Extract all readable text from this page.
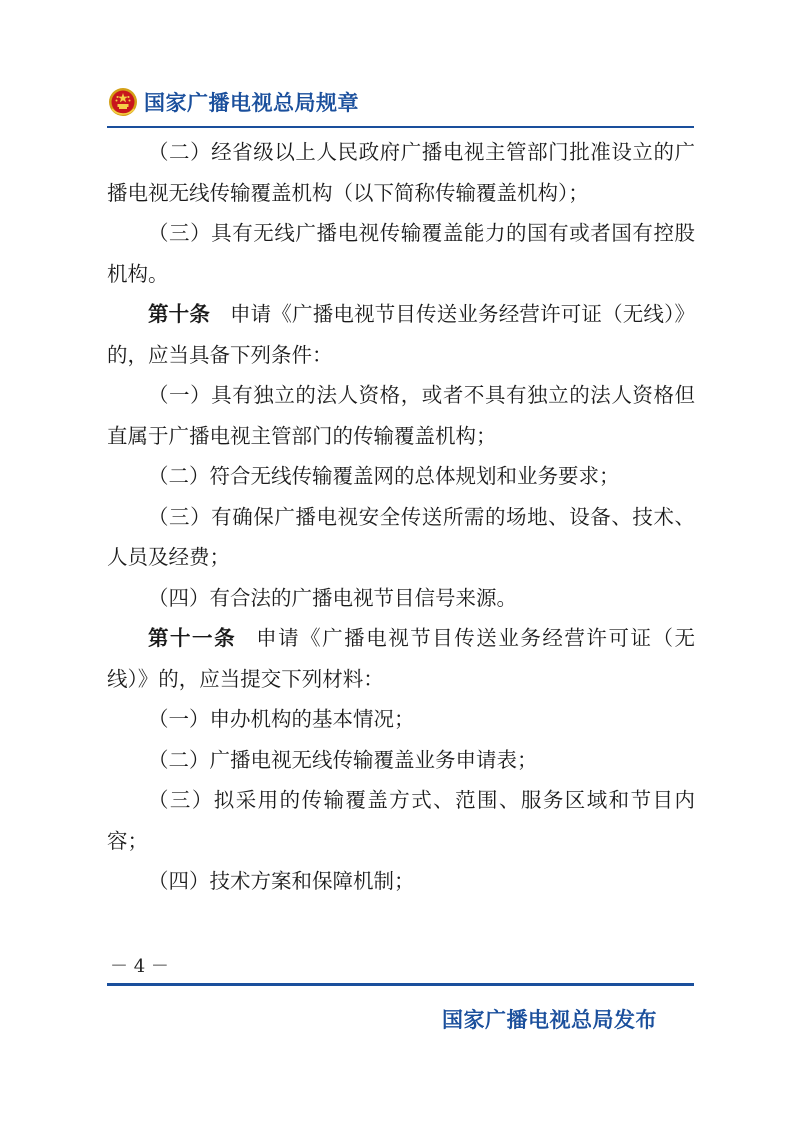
国家广播电视总局规章

（二）经省级以上人民政府广播电视主管部门批准设立的广播电视无线传输覆盖机构（以下简称传输覆盖机构）；

（三）具有无线广播电视传输覆盖能力的国有或者国有控股机构。

第十条 申请《广播电视节目传送业务经营许可证（无线）》的，应当具备下列条件：

（一）具有独立的法人资格，或者不具有独立的法人资格但直属于广播电视主管部门的传输覆盖机构；

（二）符合无线传输覆盖网的总体规划和业务要求；

（三）有确保广播电视安全传送所需的场地、设备、技术、人员及经费；

（四）有合法的广播电视节目信号来源。

第十一条 申请《广播电视节目传送业务经营许可证（无线）》的，应当提交下列材料：

（一）申办机构的基本情况；

（二）广播电视无线传输覆盖业务申请表；

（三）拟采用的传输覆盖方式、范围、服务区域和节目内容；

（四）技术方案和保障机制；

－ 4 －
国家广播电视总局发布
